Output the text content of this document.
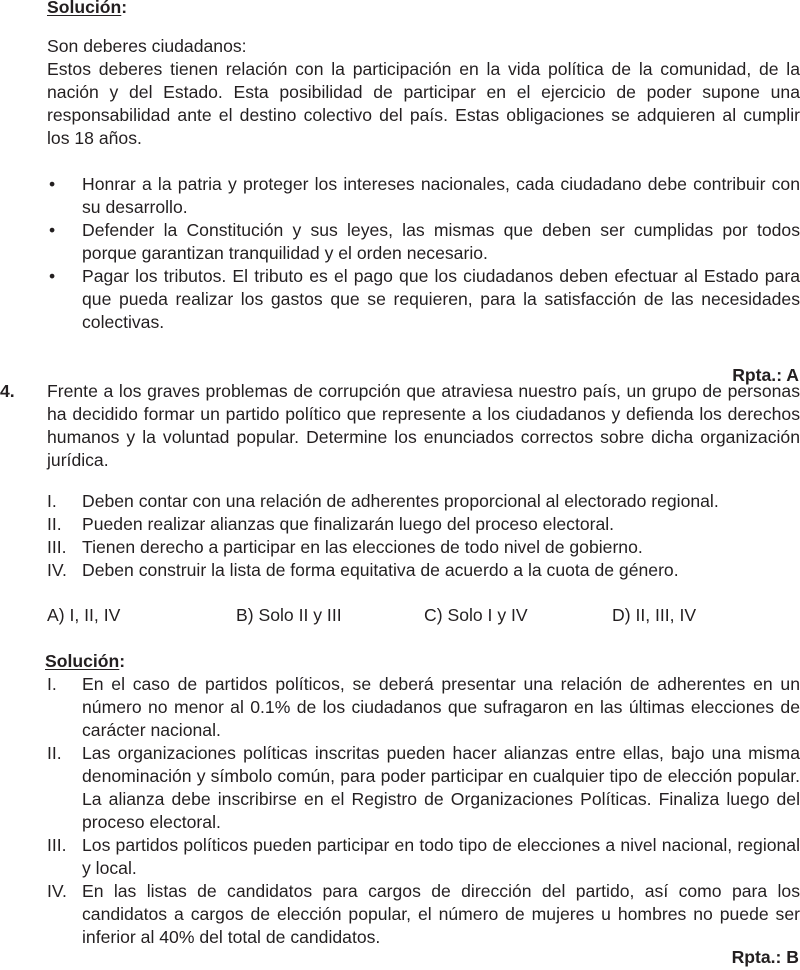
Solución:

Son deberes ciudadanos:

Estos deberes tienen relación con la participación en la vida política de la comunidad, de la nación y del Estado. Esta posibilidad de participar en el ejercicio de poder supone una responsabilidad ante el destino colectivo del país. Estas obligaciones se adquieren al cumplir los 18 años.

• Honrar a la patria y proteger los intereses nacionales, cada ciudadano debe contribuir con su desarrollo.
• Defender la Constitución y sus leyes, las mismas que deben ser cumplidas por todos porque garantizan tranquilidad y el orden necesario.
• Pagar los tributos. El tributo es el pago que los ciudadanos deben efectuar al Estado para que pueda realizar los gastos que se requieren, para la satisfacción de las necesidades colectivas.

Rpta.: A

4. Frente a los graves problemas de corrupción que atraviesa nuestro país, un grupo de personas ha decidido formar un partido político que represente a los ciudadanos y defienda los derechos humanos y la voluntad popular. Determine los enunciados correctos sobre dicha organización jurídica.

I. Deben contar con una relación de adherentes proporcional al electorado regional.
II. Pueden realizar alianzas que finalizarán luego del proceso electoral.
III. Tienen derecho a participar en las elecciones de todo nivel de gobierno.
IV. Deben construir la lista de forma equitativa de acuerdo a la cuota de género.
A) I, II, IV	B) Solo II y III	C) Solo I y IV	D) II, III, IV

Solución:

I. En el caso de partidos políticos, se deberá presentar una relación de adherentes en un número no menor al 0.1% de los ciudadanos que sufragaron en las últimas elecciones de carácter nacional.
II. Las organizaciones políticas inscritas pueden hacer alianzas entre ellas, bajo una misma denominación y símbolo común, para poder participar en cualquier tipo de elección popular. La alianza debe inscribirse en el Registro de Organizaciones Políticas. Finaliza luego del proceso electoral.
III. Los partidos políticos pueden participar en todo tipo de elecciones a nivel nacional, regional y local.
IV. En las listas de candidatos para cargos de dirección del partido, así como para los candidatos a cargos de elección popular, el número de mujeres u hombres no puede ser inferior al 40% del total de candidatos.

Rpta.: B
